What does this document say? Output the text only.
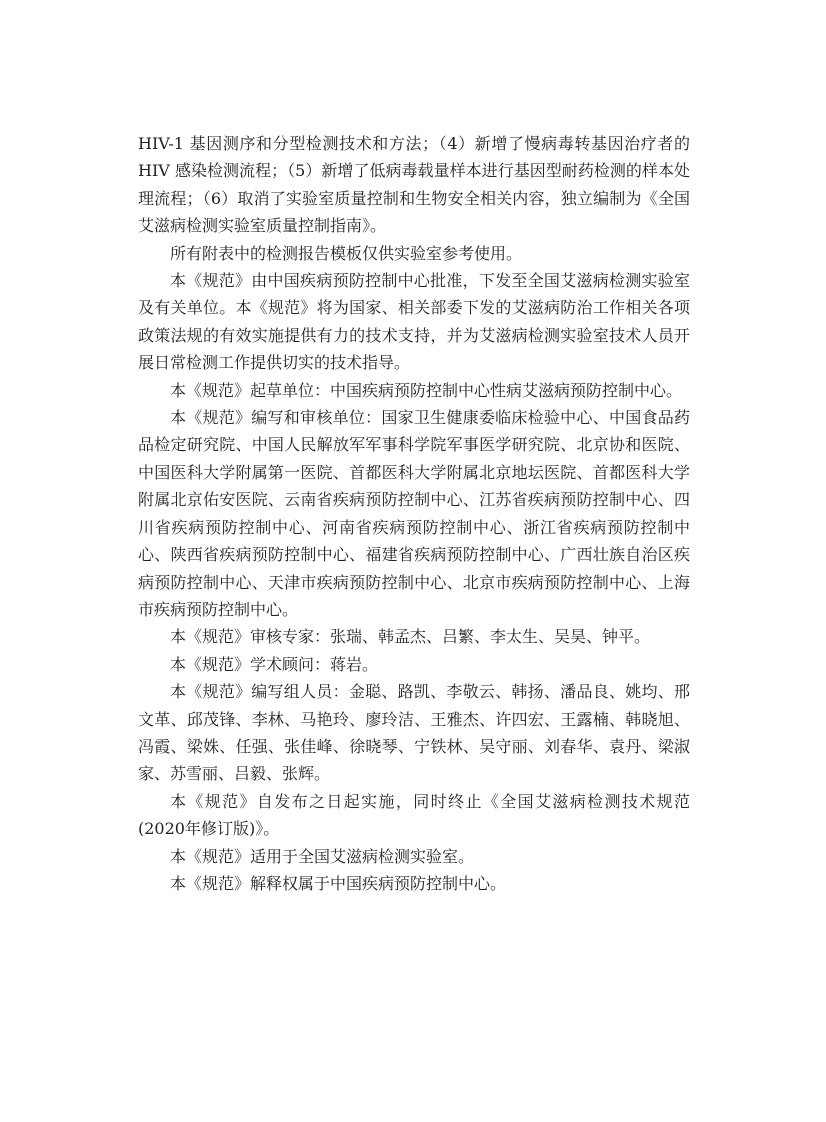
HIV-1 基因测序和分型检测技术和方法；（4）新增了慢病毒转基因治疗者的 HIV 感染检测流程；（5）新增了低病毒载量样本进行基因型耐药检测的样本处理流程；（6）取消了实验室质量控制和生物安全相关内容，独立编制为《全国艾滋病检测实验室质量控制指南》。

所有附表中的检测报告模板仅供实验室参考使用。

本《规范》由中国疾病预防控制中心批准，下发至全国艾滋病检测实验室及有关单位。本《规范》将为国家、相关部委下发的艾滋病防治工作相关各项政策法规的有效实施提供有力的技术支持，并为艾滋病检测实验室技术人员开展日常检测工作提供切实的技术指导。

本《规范》起草单位：中国疾病预防控制中心性病艾滋病预防控制中心。

本《规范》编写和审核单位：国家卫生健康委临床检验中心、中国食品药品检定研究院、中国人民解放军军事科学院军事医学研究院、北京协和医院、中国医科大学附属第一医院、首都医科大学附属北京地坛医院、首都医科大学附属北京佑安医院、云南省疾病预防控制中心、江苏省疾病预防控制中心、四川省疾病预防控制中心、河南省疾病预防控制中心、浙江省疾病预防控制中心、陕西省疾病预防控制中心、福建省疾病预防控制中心、广西壮族自治区疾病预防控制中心、天津市疾病预防控制中心、北京市疾病预防控制中心、上海市疾病预防控制中心。

本《规范》审核专家：张瑞、韩孟杰、吕繁、李太生、吴昊、钟平。

本《规范》学术顾问：蒋岩。

本《规范》编写组人员：金聪、路凯、李敬云、韩扬、潘品良、姚均、邢文革、邱茂锋、李林、马艳玲、廖玲洁、王雅杰、许四宏、王露楠、韩晓旭、冯霞、梁姝、任强、张佳峰、徐晓琴、宁铁林、吴守丽、刘春华、袁丹、梁淑家、苏雪丽、吕毅、张辉。

本《规范》自发布之日起实施，同时终止《全国艾滋病检测技术规范(2020年修订版)》。

本《规范》适用于全国艾滋病检测实验室。

本《规范》解释权属于中国疾病预防控制中心。
